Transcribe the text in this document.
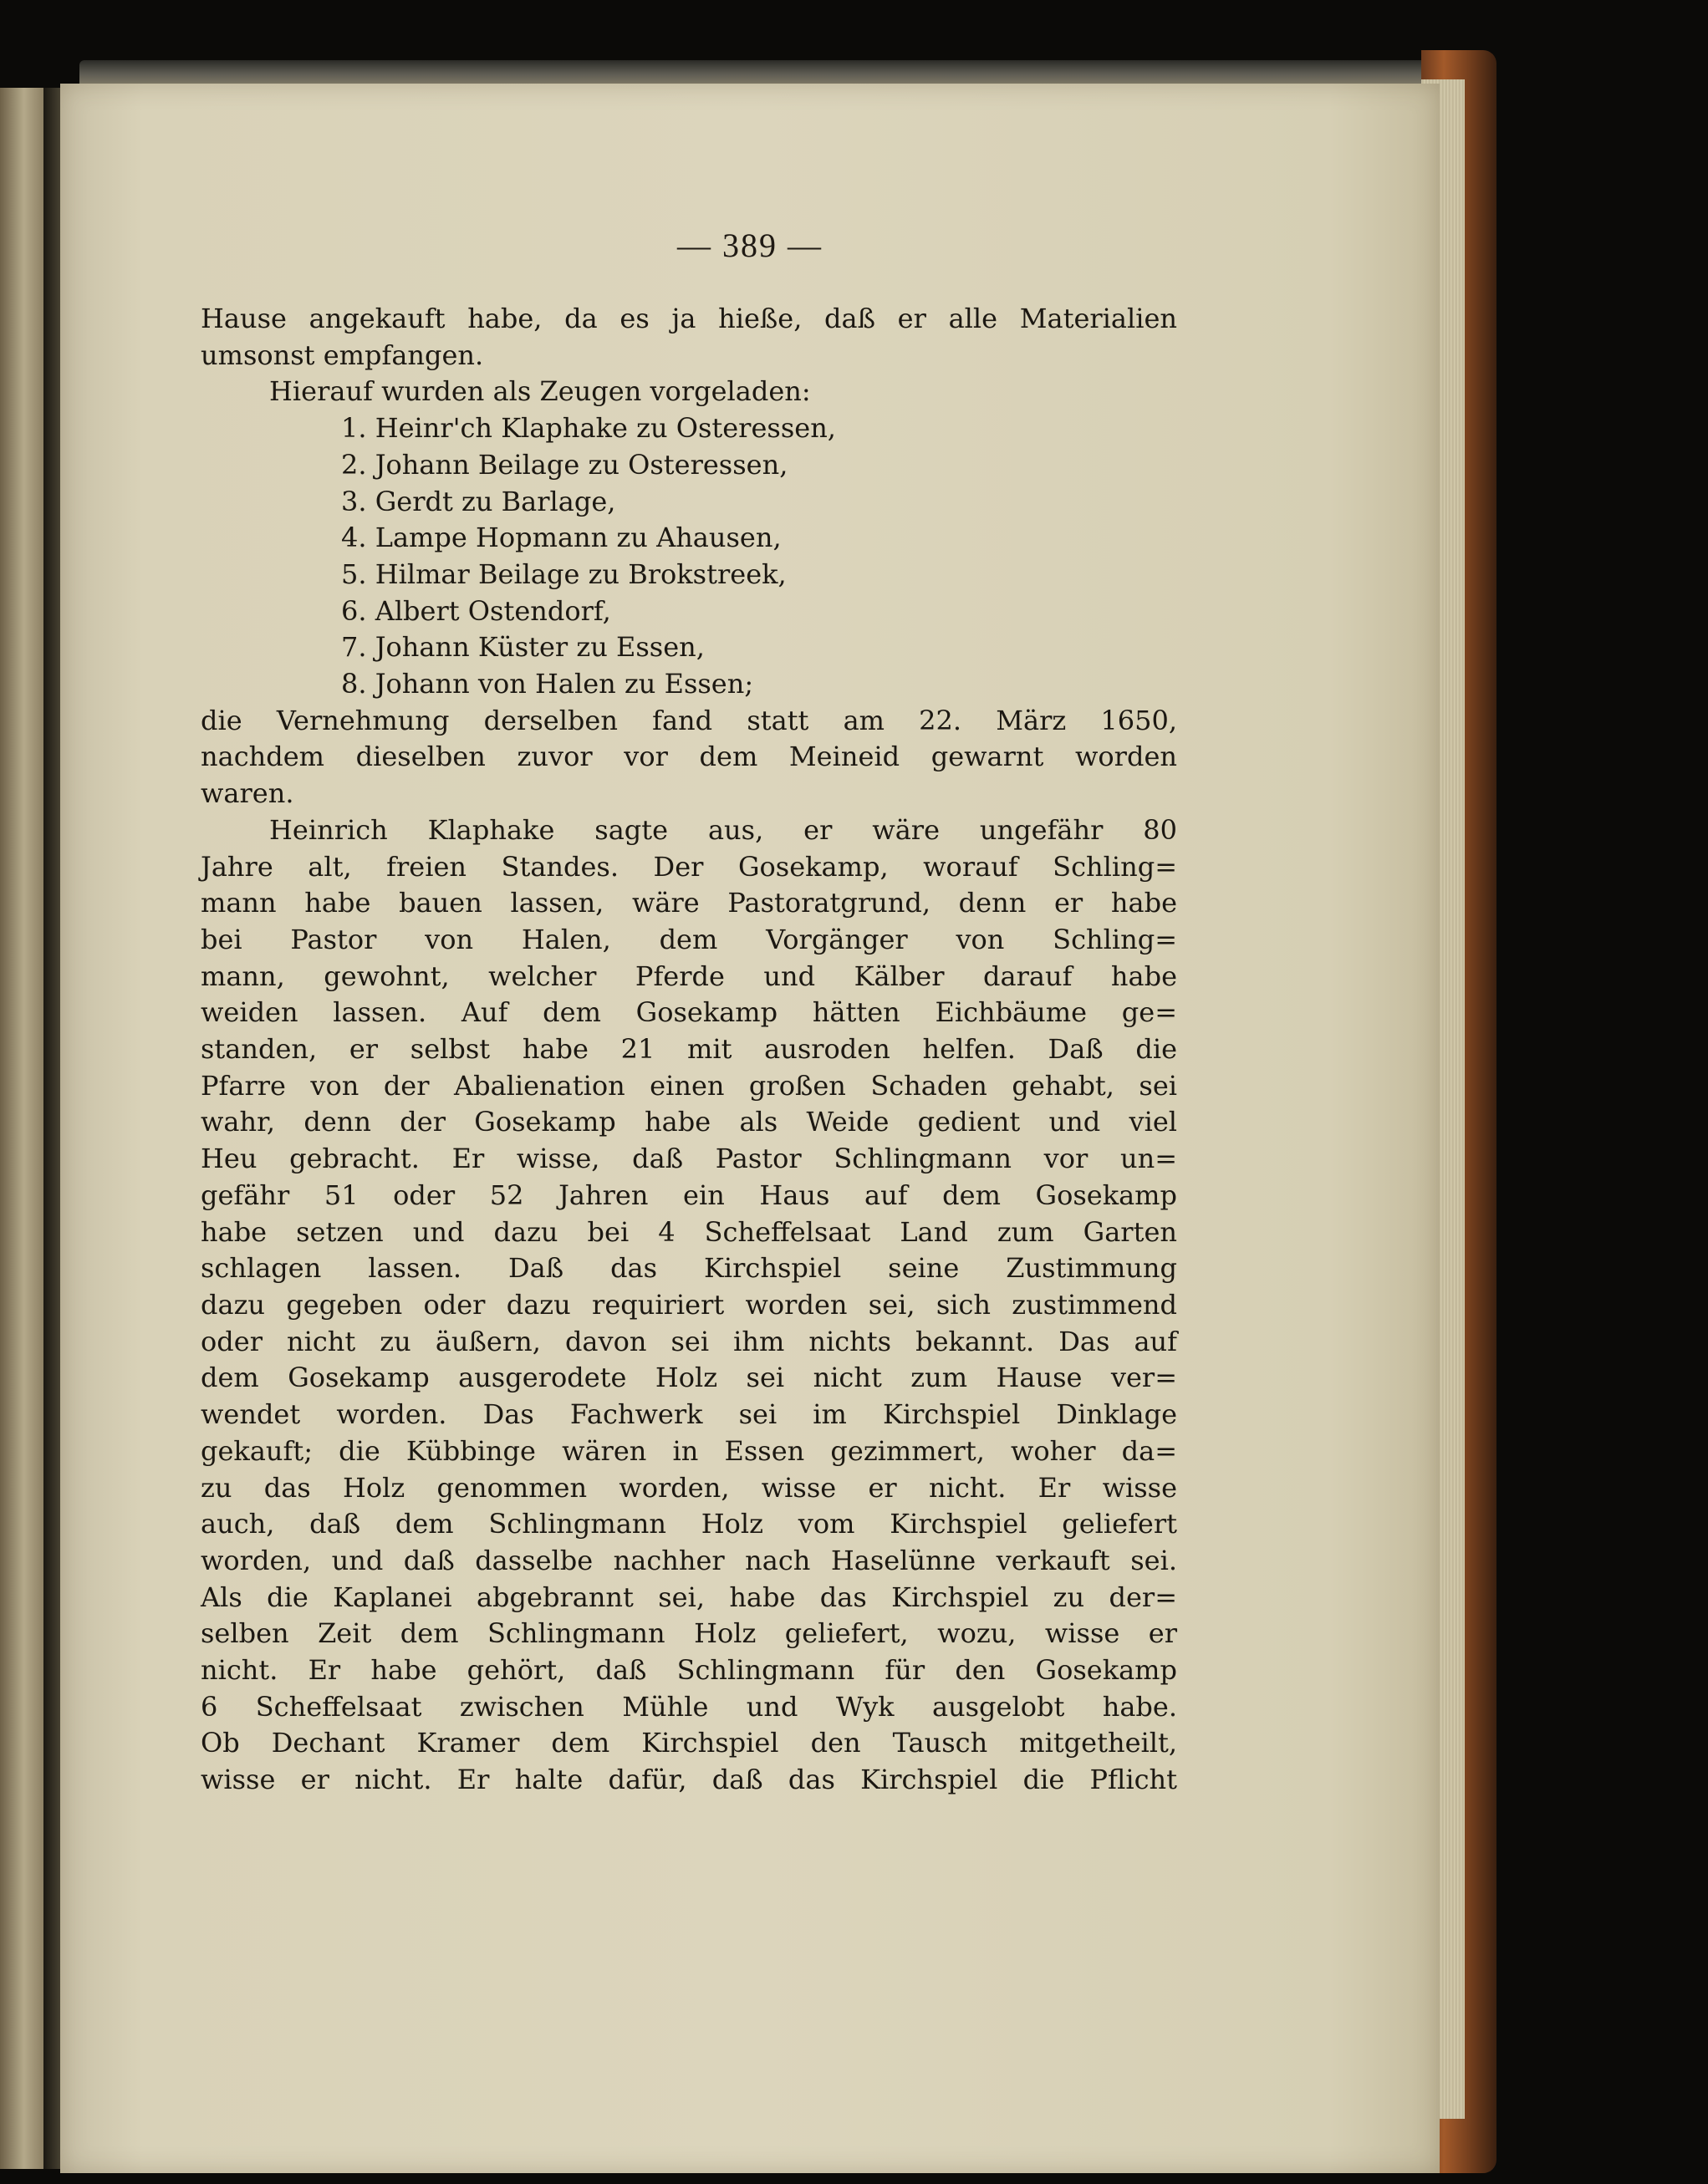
— 389 —
Hause angekauft habe, da es ja hieße, daß er alle Materialien
umsonst empfangen.
Hierauf wurden als Zeugen vorgeladen:
1. Heinr'ch Klaphake zu Osteressen,
2. Johann Beilage zu Osteressen,
3. Gerdt zu Barlage,
4. Lampe Hopmann zu Ahausen,
5. Hilmar Beilage zu Brokstreek,
6. Albert Ostendorf,
7. Johann Küster zu Essen,
8. Johann von Halen zu Essen;
die Vernehmung derselben fand statt am 22. März 1650,
nachdem dieselben zuvor vor dem Meineid gewarnt worden
waren.
Heinrich Klaphake sagte aus, er wäre ungefähr 80
Jahre alt, freien Standes. Der Gosekamp, worauf Schling=
mann habe bauen lassen, wäre Pastoratgrund, denn er habe
bei Pastor von Halen, dem Vorgänger von Schling=
mann, gewohnt, welcher Pferde und Kälber darauf habe
weiden lassen. Auf dem Gosekamp hätten Eichbäume ge=
standen, er selbst habe 21 mit ausroden helfen. Daß die
Pfarre von der Abalienation einen großen Schaden gehabt, sei
wahr, denn der Gosekamp habe als Weide gedient und viel
Heu gebracht. Er wisse, daß Pastor Schlingmann vor un=
gefähr 51 oder 52 Jahren ein Haus auf dem Gosekamp
habe setzen und dazu bei 4 Scheffelsaat Land zum Garten
schlagen lassen. Daß das Kirchspiel seine Zustimmung
dazu gegeben oder dazu requiriert worden sei, sich zustimmend
oder nicht zu äußern, davon sei ihm nichts bekannt. Das auf
dem Gosekamp ausgerodete Holz sei nicht zum Hause ver=
wendet worden. Das Fachwerk sei im Kirchspiel Dinklage
gekauft; die Kübbinge wären in Essen gezimmert, woher da=
zu das Holz genommen worden, wisse er nicht. Er wisse
auch, daß dem Schlingmann Holz vom Kirchspiel geliefert
worden, und daß dasselbe nachher nach Haselünne verkauft sei.
Als die Kaplanei abgebrannt sei, habe das Kirchspiel zu der=
selben Zeit dem Schlingmann Holz geliefert, wozu, wisse er
nicht. Er habe gehört, daß Schlingmann für den Gosekamp
6 Scheffelsaat zwischen Mühle und Wyk ausgelobt habe.
Ob Dechant Kramer dem Kirchspiel den Tausch mitgetheilt,
wisse er nicht. Er halte dafür, daß das Kirchspiel die Pflicht
